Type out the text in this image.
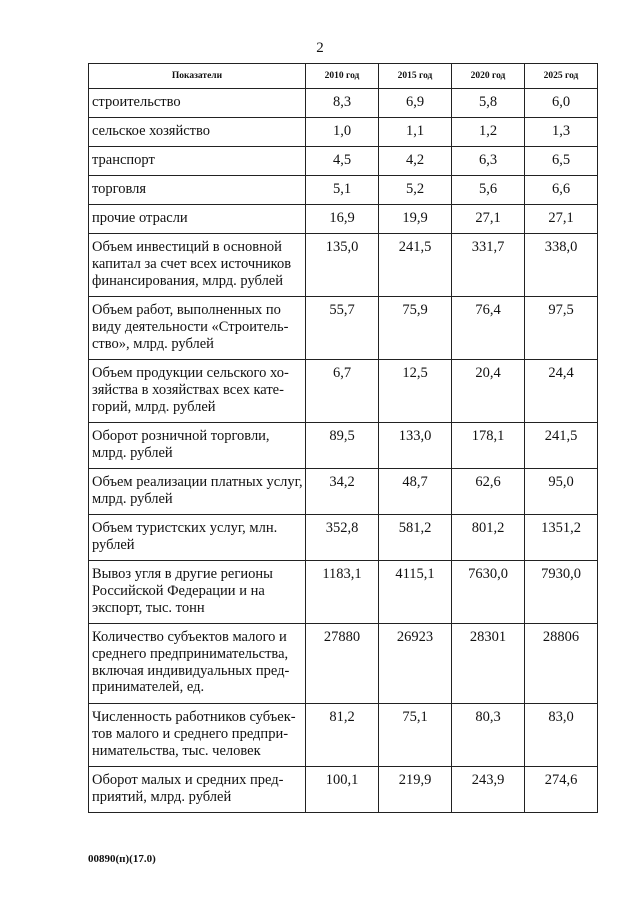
2
Показатели	2010 год	2015 год	2020 год	2025 год
строительство	8,3	6,9	5,8	6,0
сельское хозяйство	1,0	1,1	1,2	1,3
транспорт	4,5	4,2	6,3	6,5
торговля	5,1	5,2	5,6	6,6
прочие отрасли	16,9	19,9	27,1	27,1
Объем инвестиций в основной капитал за счет всех источников финансирования, млрд. рублей	135,0	241,5	331,7	338,0
Объем работ, выполненных по виду деятельности «Строитель-ство», млрд. рублей	55,7	75,9	76,4	97,5
Объем продукции сельского хо-зяйства в хозяйствах всех кате-горий, млрд. рублей	6,7	12,5	20,4	24,4
Оборот розничной торговли, млрд. рублей	89,5	133,0	178,1	241,5
Объем реализации платных услуг, млрд. рублей	34,2	48,7	62,6	95,0
Объем туристских услуг, млн. рублей	352,8	581,2	801,2	1351,2
Вывоз угля в другие регионы Российской Федерации и на экспорт, тыс. тонн	1183,1	4115,1	7630,0	7930,0
Количество субъектов малого и среднего предпринимательства, включая индивидуальных пред-принимателей, ед.	27880	26923	28301	28806
Численность работников субъек-тов малого и среднего предпри-нимательства, тыс. человек	81,2	75,1	80,3	83,0
Оборот малых и средних пред-приятий, млрд. рублей	100,1	219,9	243,9	274,6
00890(п)(17.0)
